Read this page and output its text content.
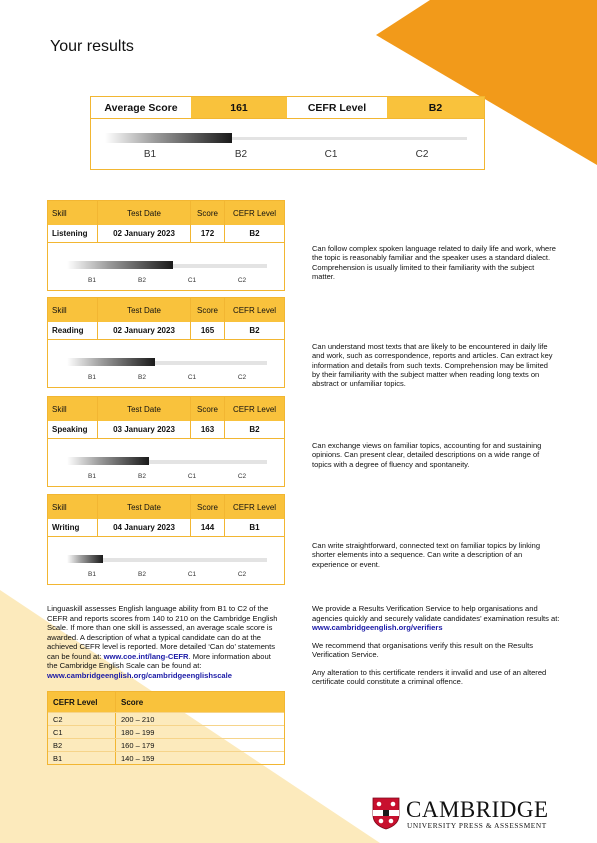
Your results
Average Score	161	CEFR Level	B2
B1	B2	C1	C2
Skill	Test Date	Score	CEFR Level
Listening	02 January 2023	172	B2
B1	B2	C1	C2
Skill	Test Date	Score	CEFR Level
Reading	02 January 2023	165	B2
B1	B2	C1	C2
Skill	Test Date	Score	CEFR Level
Speaking	03 January 2023	163	B2
B1	B2	C1	C2
Skill	Test Date	Score	CEFR Level
Writing	04 January 2023	144	B1
B1	B2	C1	C2
Can follow complex spoken language related to daily life and work, where the topic is reasonably familiar and the speaker uses a standard dialect. Comprehension is usually limited to their familiarity with the subject matter.
Can understand most texts that are likely to be encountered in daily life and work, such as correspondence, reports and articles. Can extract key information and details from such texts. Comprehension may be limited by their familiarity with the subject matter when reading long texts on abstract or unfamiliar topics.
Can exchange views on familiar topics, accounting for and sustaining opinions. Can present clear, detailed descriptions on a wide range of topics with a degree of fluency and spontaneity.
Can write straightforward, connected text on familiar topics by linking shorter elements into a sequence. Can write a description of an experience or event.
Linguaskill assesses English language ability from B1 to C2 of the CEFR and reports scores from 140 to 210 on the Cambridge English Scale. If more than one skill is assessed, an average scale score is awarded. A description of what a typical candidate can do at the achieved CEFR level is reported. More detailed ‘Can do’ statements can be found at: www.coe.int/lang-CEFR. More information about the Cambridge English Scale can be found at:
www.cambridgeenglish.org/cambridgeenglishscale
We provide a Results Verification Service to help organisations and agencies quickly and securely validate candidates’ examination results at:
www.cambridgeenglish.org/verifiers
We recommend that organisations verify this result on the Results Verification Service.
Any alteration to this certificate renders it invalid and use of an altered certificate could constitute a criminal offence.
CEFR Level	Score
C2	200 – 210
C1	180 – 199
B2	160 – 179
B1	140 – 159
CAMBRIDGE
UNIVERSITY PRESS & ASSESSMENT
